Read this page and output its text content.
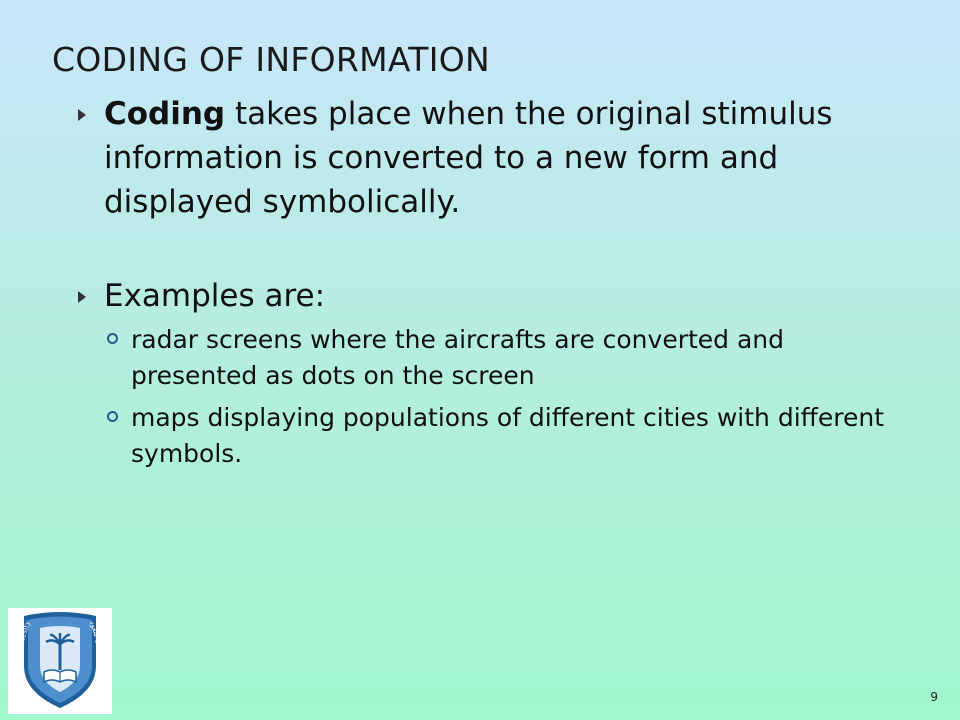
CODING OF INFORMATION
Coding takes place when the original stimulus information is converted to a new form and displayed symbolically.
Examples are:
radar screens where the aircrafts are converted and presented as dots on the screen
maps displaying populations of different cities with different symbols.
King Saud University	جامعة الملك سعود
9
